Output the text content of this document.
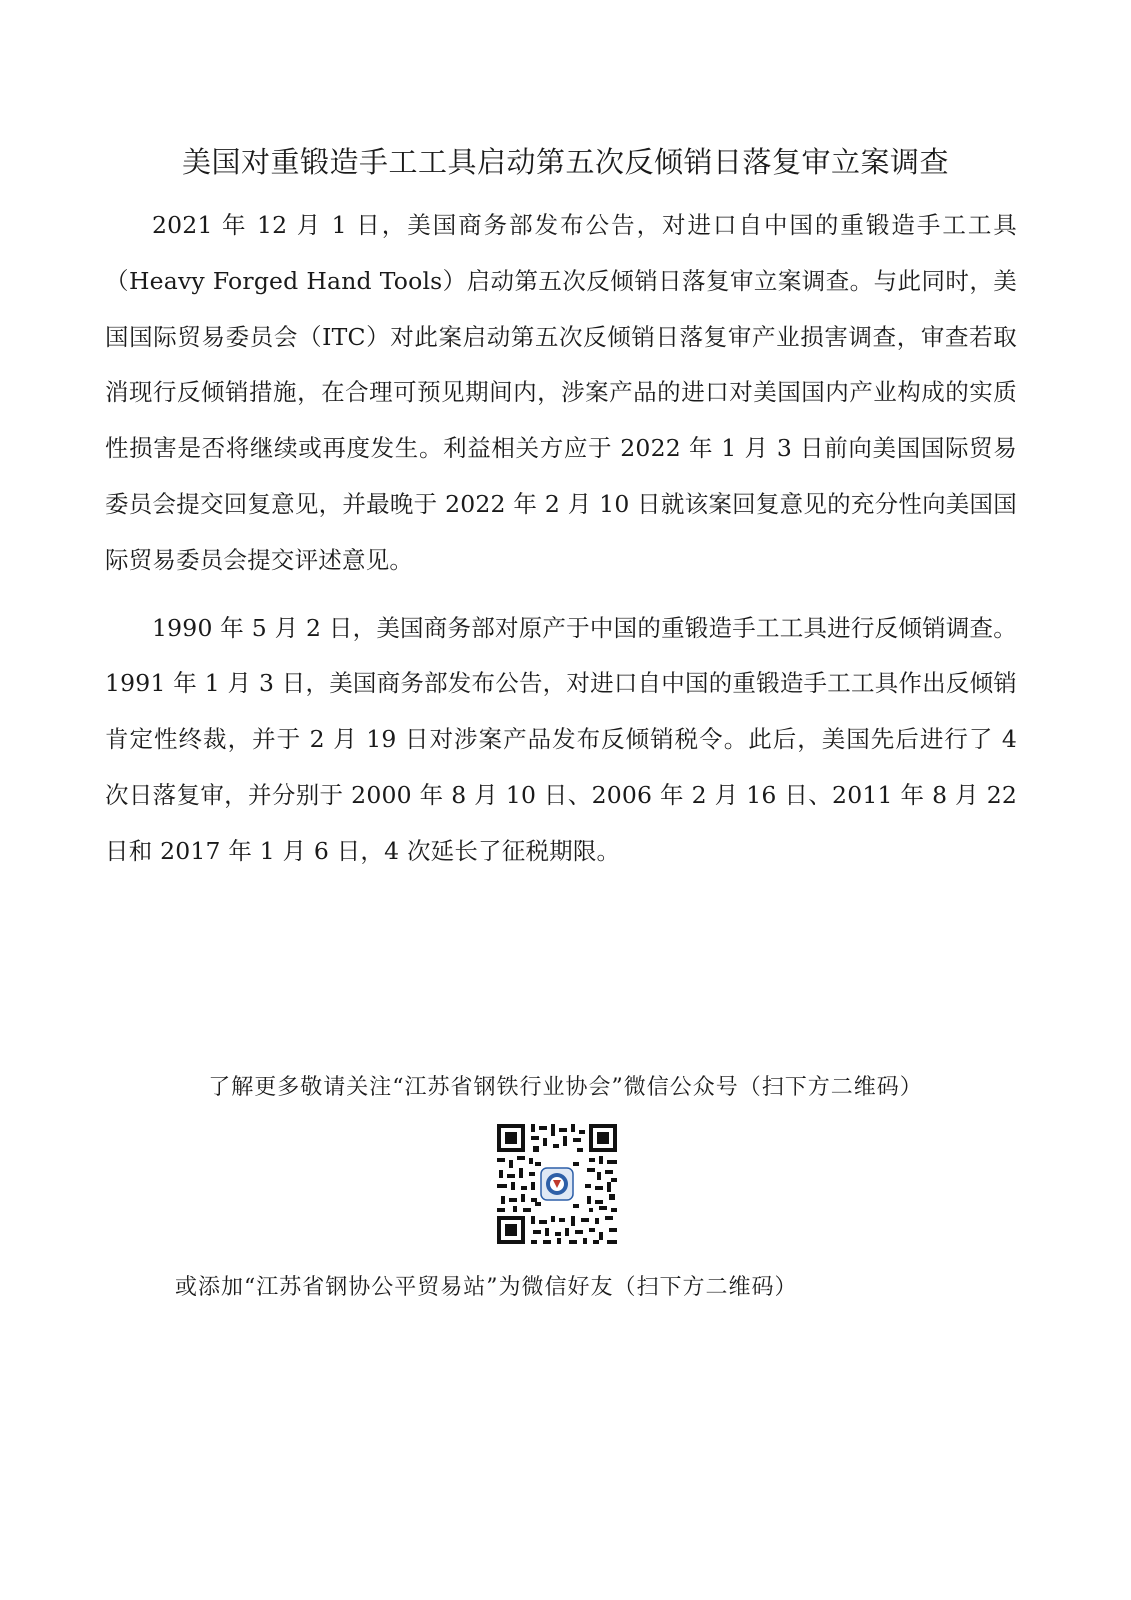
美国对重锻造手工工具启动第五次反倾销日落复审立案调查

2021 年 12 月 1 日，美国商务部发布公告，对进口自中国的重锻造手工工具（Heavy Forged Hand Tools）启动第五次反倾销日落复审立案调查。与此同时，美国国际贸易委员会（ITC）对此案启动第五次反倾销日落复审产业损害调查，审查若取消现行反倾销措施，在合理可预见期间内，涉案产品的进口对美国国内产业构成的实质性损害是否将继续或再度发生。利益相关方应于 2022 年 1 月 3 日前向美国国际贸易委员会提交回复意见，并最晚于 2022 年 2 月 10 日就该案回复意见的充分性向美国国际贸易委员会提交评述意见。

1990 年 5 月 2 日，美国商务部对原产于中国的重锻造手工工具进行反倾销调查。1991 年 1 月 3 日，美国商务部发布公告，对进口自中国的重锻造手工工具作出反倾销肯定性终裁，并于 2 月 19 日对涉案产品发布反倾销税令。此后，美国先后进行了 4 次日落复审，并分别于 2000 年 8 月 10 日、2006 年 2 月 16 日、2011 年 8 月 22 日和 2017 年 1 月 6 日，4 次延长了征税期限。

了解更多敬请关注“江苏省钢铁行业协会”微信公众号（扫下方二维码）

或添加“江苏省钢协公平贸易站”为微信好友（扫下方二维码）
